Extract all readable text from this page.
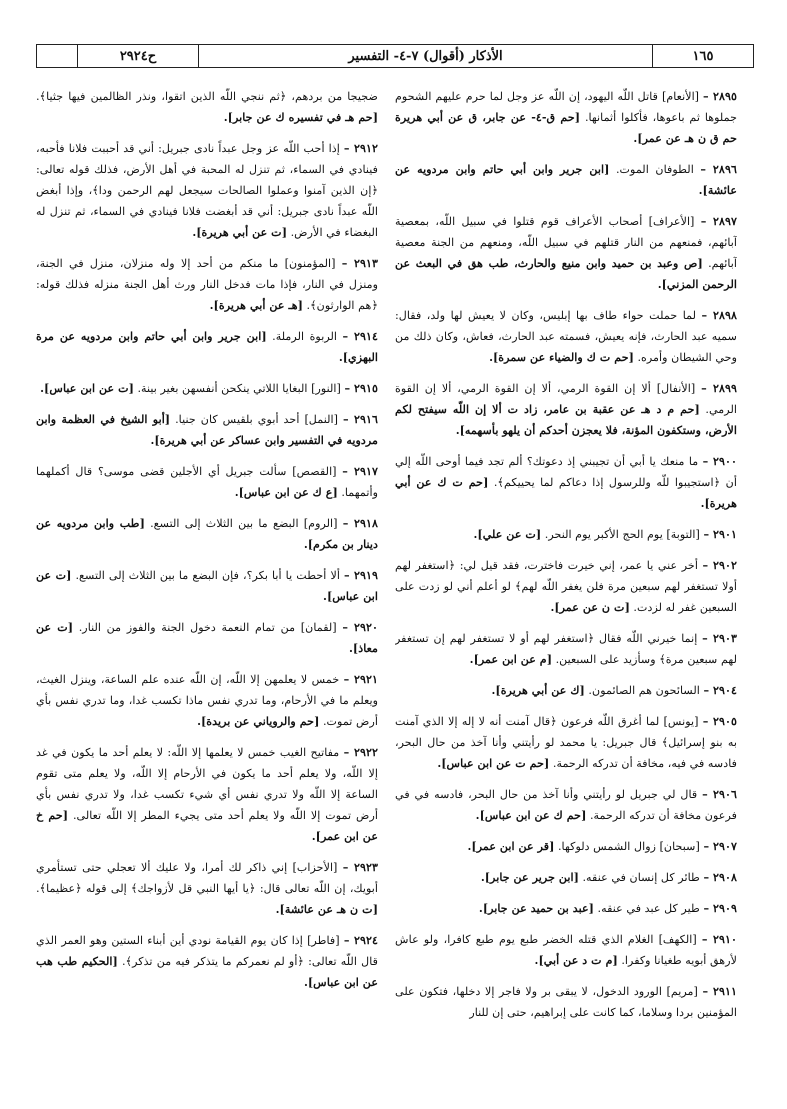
١٦٥
الأذكار (أقوال) ٧-٤- التفسير
ح٢٩٢٤

٢٨٩٥ – [الأنعام] قاتل اللّه اليهود، إن اللّه عز وجل لما حرم عليهم الشحوم جملوها ثم باعوها، فأكلوا أثمانها. [حم ق-٤- عن جابر، ق عن أبي هريرة حم ق ن هـ عن عمر].

٢٨٩٦ – الطوفان الموت. [ابن جرير وابن أبي حاتم وابن مردويه عن عائشة].

٢٨٩٧ – [الأعراف] أصحاب الأعراف قوم قتلوا في سبيل اللّه، بمعصية آبائهم، فمنعهم من النار قتلهم في سبيل اللّه، ومنعهم من الجنة معصية آبائهم. [ص وعبد بن حميد وابن منيع والحارث، طب هق في البعث عن الرحمن المزني].

٢٨٩٨ – لما حملت حواء طاف بها إبليس، وكان لا يعيش لها ولد، فقال: سميه عبد الحارث، فإنه يعيش، فسمته عبد الحارث، فعاش، وكان ذلك من وحي الشيطان وأمره. [حم ت ك والضياء عن سمرة].

٢٨٩٩ – [الأنفال] ألا إن القوة الرمي، ألا إن القوة الرمي، ألا إن القوة الرمي. [حم م د هـ عن عقبة بن عامر، زاد ت ألا إن اللّه سيفتح لكم الأرض، وستكفون المؤنة، فلا يعجزن أحدكم أن يلهو بأسهمه].

٢٩٠٠ – ما منعك يا أبي أن تجيبني إذ دعوتك؟ ألم تجد فيما أوحى اللّه إلي أن ﴿استجيبوا للّه وللرسول إذا دعاكم لما يحييكم﴾. [حم ت ك عن أبي هريرة].

٢٩٠١ – [التوبة] يوم الحج الأكبر يوم النحر. [ت عن علي].

٢٩٠٢ – أخر عني يا عمر، إني خيرت فاخترت، فقد قيل لي: ﴿استغفر لهم أولا تستغفر لهم سبعين مرة فلن يغفر اللّه لهم﴾ لو أعلم أني لو زدت على السبعين غفر له لزدت. [ت ن عن عمر].

٢٩٠٣ – إنما خيرني اللّه فقال ﴿استغفر لهم أو لا تستغفر لهم إن تستغفر لهم سبعين مرة﴾ وسأزيد على السبعين. [م عن ابن عمر].

٢٩٠٤ – السائحون هم الصائمون. [ك عن أبي هريرة].

٢٩٠٥ – [يونس] لما أغرق اللّه فرعون ﴿قال آمنت أنه لا إله إلا الذي آمنت به بنو إسرائيل﴾ قال جبريل: يا محمد لو رأيتني وأنا آخذ من حال البحر، فادسه في فيه، مخافة أن تدركه الرحمة. [حم ت عن ابن عباس].

٢٩٠٦ – قال لي جبريل لو رأيتني وأنا آخذ من حال البحر، فادسه في في فرعون مخافة أن تدركه الرحمة. [حم ك عن ابن عباس].

٢٩٠٧ – [سبحان] زوال الشمس دلوكها. [قر عن ابن عمر].

٢٩٠٨ – طائر كل إنسان في عنقه. [ابن جرير عن جابر].

٢٩٠٩ – طير كل عبد في عنقه. [عبد بن حميد عن جابر].

٢٩١٠ – [الكهف] الغلام الذي قتله الخضر طبع يوم طبع كافرا، ولو عاش لأرهق أبويه طغيانا وكفرا. [م ت د عن أبي].

٢٩١١ – [مريم] الورود الدخول، لا يبقى بر ولا فاجر إلا دخلها، فتكون على المؤمنين بردا وسلاما، كما كانت على إبراهيم، حتى إن للنار

ضجيجا من بردهم، ﴿ثم ننجي اللّه الذين اتقوا، ونذر الظالمين فيها جثيا﴾. [حم هـ في تفسيره ك عن جابر].

٢٩١٢ – إذا أحب اللّه عز وجل عبداً نادى جبريل: أني قد أحببت فلانا فأحبه، فينادي في السماء، ثم تنزل له المحبة في أهل الأرض، فذلك قوله تعالى: ﴿إن الذين آمنوا وعملوا الصالحات سيجعل لهم الرحمن ودا﴾، وإذا أبغض اللّه عبداً نادى جبريل: أني قد أبغضت فلانا فينادي في السماء، ثم تنزل له البغضاء في الأرض. [ت عن أبي هريرة].

٢٩١٣ – [المؤمنون] ما منكم من أحد إلا وله منزلان، منزل في الجنة، ومنزل في النار، فإذا مات فدخل النار ورث أهل الجنة منزله فذلك قوله: ﴿هم الوارثون﴾. [هـ عن أبي هريرة].

٢٩١٤ – الربوة الرملة. [ابن جرير وابن أبي حاتم وابن مردويه عن مرة البهزي].

٢٩١٥ – [النور] البغايا اللاتي ينكحن أنفسهن بغير بينة. [ت عن ابن عباس].

٢٩١٦ – [النمل] أحد أبوي بلقيس كان جنيا. [أبو الشيخ في العظمة وابن مردويه في التفسير وابن عساكر عن أبي هريرة].

٢٩١٧ – [القصص] سألت جبريل أي الأجلين قضى موسى؟ قال أكملهما وأتمهما. [ع ك عن ابن عباس].

٢٩١٨ – [الروم] البضع ما بين الثلاث إلى التسع. [طب وابن مردويه عن دينار بن مكرم].

٢٩١٩ – ألا أحطت يا أبا بكر؟، فإن البضع ما بين الثلاث إلى التسع. [ت عن ابن عباس].

٢٩٢٠ – [لقمان] من تمام النعمة دخول الجنة والفوز من النار. [ت عن معاذ].

٢٩٢١ – خمس لا يعلمهن إلا اللّه، إن اللّه عنده علم الساعة، وينزل الغيث، ويعلم ما في الأرحام، وما تدري نفس ماذا تكسب غدا، وما تدري نفس بأي أرض تموت. [حم والروياني عن بريدة].

٢٩٢٢ – مفاتيح الغيب خمس لا يعلمها إلا اللّه: لا يعلم أحد ما يكون في غد إلا اللّه، ولا يعلم أحد ما يكون في الأرحام إلا اللّه، ولا يعلم متى تقوم الساعة إلا اللّه ولا تدري نفس أي شيء تكسب غدا، ولا تدري نفس بأي أرض تموت إلا اللّه ولا يعلم أحد متى يجيء المطر إلا اللّه تعالى. [حم خ عن ابن عمر].

٢٩٢٣ – [الأحزاب] إني ذاكر لك أمرا، ولا عليك ألا تعجلي حتى تستأمري أبويك، إن اللّه تعالى قال: ﴿يا أيها النبي قل لأزواجك﴾ إلى قوله ﴿عظيما﴾. [ت ن هـ عن عائشة].

٢٩٢٤ – [فاطر] إذا كان يوم القيامة نودي أين أبناء الستين وهو العمر الذي قال اللّه تعالى: ﴿أو لم نعمركم ما يتذكر فيه من تذكر﴾. [الحكيم طب هب عن ابن عباس].
